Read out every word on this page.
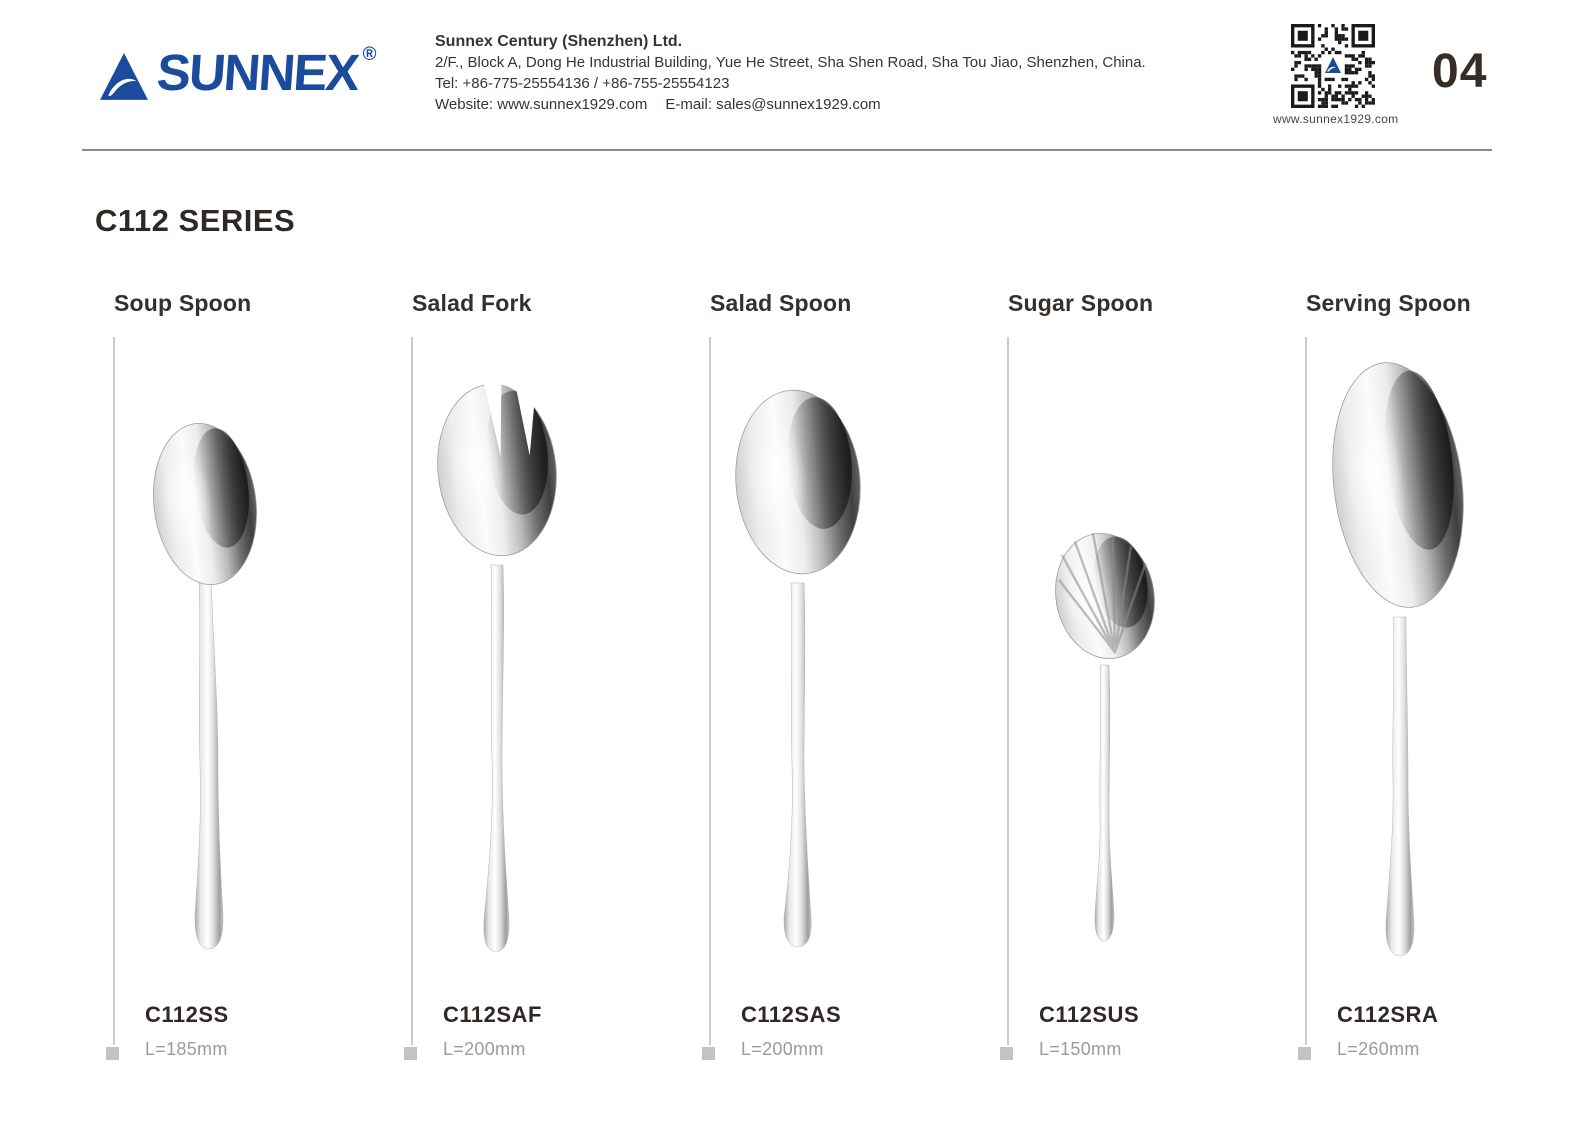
SUNNEX ®
Sunnex Century (Shenzhen) Ltd.
2/F., Block A, Dong He Industrial Building, Yue He Street, Sha Shen Road, Sha Tou Jiao, Shenzhen, China.
Tel: +86-775-25554136 / +86-755-25554123
Website: www.sunnex1929.com E-mail: sales@sunnex1929.com
www.sunnex1929.com
04
C112 SERIES
Soup Spoon
C112SS
L=185mm
Salad Fork
C112SAF
L=200mm
Salad Spoon
C112SAS
L=200mm
Sugar Spoon
C112SUS
L=150mm
Serving Spoon
C112SRA
L=260mm
